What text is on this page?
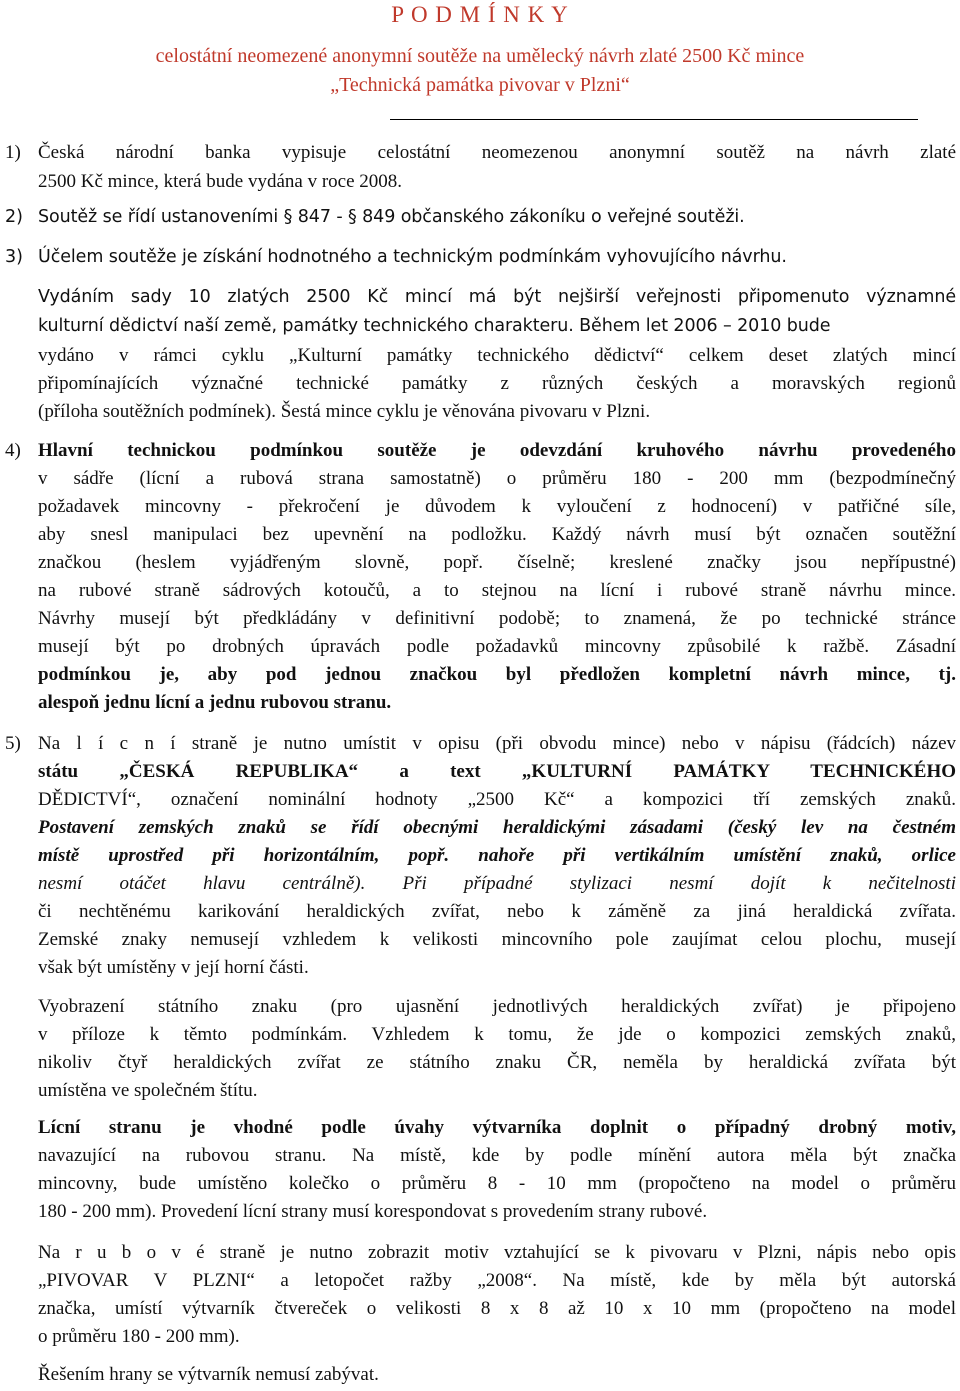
P O D M Í N K Y
celostátní neomezené anonymní soutěže na umělecký návrh zlaté 2500 Kč mince „Technická památka pivovar v Plzni“
1) Česká národní banka vypisuje celostátní neomezenou anonymní soutěž na návrh zlaté
2500 Kč mince, která bude vydána v roce 2008.
2) Soutěž se řídí ustanoveními § 847 - § 849 občanského zákoníku o veřejné soutěži.
3) Účelem soutěže je získání hodnotného a technickým podmínkám vyhovujícího návrhu.
Vydáním sady 10 zlatých 2500 Kč mincí má být nejširší veřejnosti připomenuto významné
kulturní dědictví naší země, památky technického charakteru. Během let 2006 – 2010 bude
vydáno v rámci cyklu „Kulturní památky technického dědictví“ celkem deset zlatých mincí
připomínajících význačné technické památky z různých českých a moravských regionů
(příloha soutěžních podmínek). Šestá mince cyklu je věnována pivovaru v Plzni.
4) Hlavní technickou podmínkou soutěže je odevzdání kruhového návrhu provedeného
v sádře (lícní a rubová strana samostatně) o průměru 180 - 200 mm (bezpodmínečný
požadavek mincovny - překročení je důvodem k vyloučení z hodnocení) v patřičné síle,
aby snesl manipulaci bez upevnění na podložku. Každý návrh musí být označen soutěžní
značkou (heslem vyjádřeným slovně, popř. číselně; kreslené značky jsou nepřípustné)
na rubové straně sádrových kotoučů, a to stejnou na lícní i rubové straně návrhu mince.
Návrhy musejí být předkládány v definitivní podobě; to znamená, že po technické stránce
musejí být po drobných úpravách podle požadavků mincovny způsobilé k ražbě. Zásadní
podmínkou je, aby pod jednou značkou byl předložen kompletní návrh mince, tj.
alespoň jednu lícní a jednu rubovou stranu.
5) Na l í c n í straně je nutno umístit v opisu (při obvodu mince) nebo v nápisu (řádcích) název
státu „ČESKÁ REPUBLIKA“ a text „KULTURNÍ PAMÁTKY TECHNICKÉHO
DĚDICTVÍ“, označení nominální hodnoty „2500 Kč“ a kompozici tří zemských znaků.
Postavení zemských znaků se řídí obecnými heraldickými zásadami (český lev na čestném
místě uprostřed při horizontálním, popř. nahoře při vertikálním umístění znaků, orlice
nesmí otáčet hlavu centrálně). Při případné stylizaci nesmí dojít k nečitelnosti
či nechtěnému karikování heraldických zvířat, nebo k záměně za jiná heraldická zvířata.
Zemské znaky nemusejí vzhledem k velikosti mincovního pole zaujímat celou plochu, musejí
však být umístěny v její horní části.
Vyobrazení státního znaku (pro ujasnění jednotlivých heraldických zvířat) je připojeno
v příloze k těmto podmínkám. Vzhledem k tomu, že jde o kompozici zemských znaků,
nikoliv čtyř heraldických zvířat ze státního znaku ČR, neměla by heraldická zvířata být
umístěna ve společném štítu.
Lícní stranu je vhodné podle úvahy výtvarníka doplnit o případný drobný motiv,
navazující na rubovou stranu. Na místě, kde by podle mínění autora měla být značka
mincovny, bude umístěno kolečko o průměru 8 - 10 mm (propočteno na model o průměru
180 - 200 mm). Provedení lícní strany musí korespondovat s provedením strany rubové.
Na r u b o v é straně je nutno zobrazit motiv vztahující se k pivovaru v Plzni, nápis nebo opis
„PIVOVAR V PLZNI“ a letopočet ražby „2008“. Na místě, kde by měla být autorská
značka, umístí výtvarník čtvereček o velikosti 8 x 8 až 10 x 10 mm (propočteno na model
o průměru 180 - 200 mm).
Řešením hrany se výtvarník nemusí zabývat.
